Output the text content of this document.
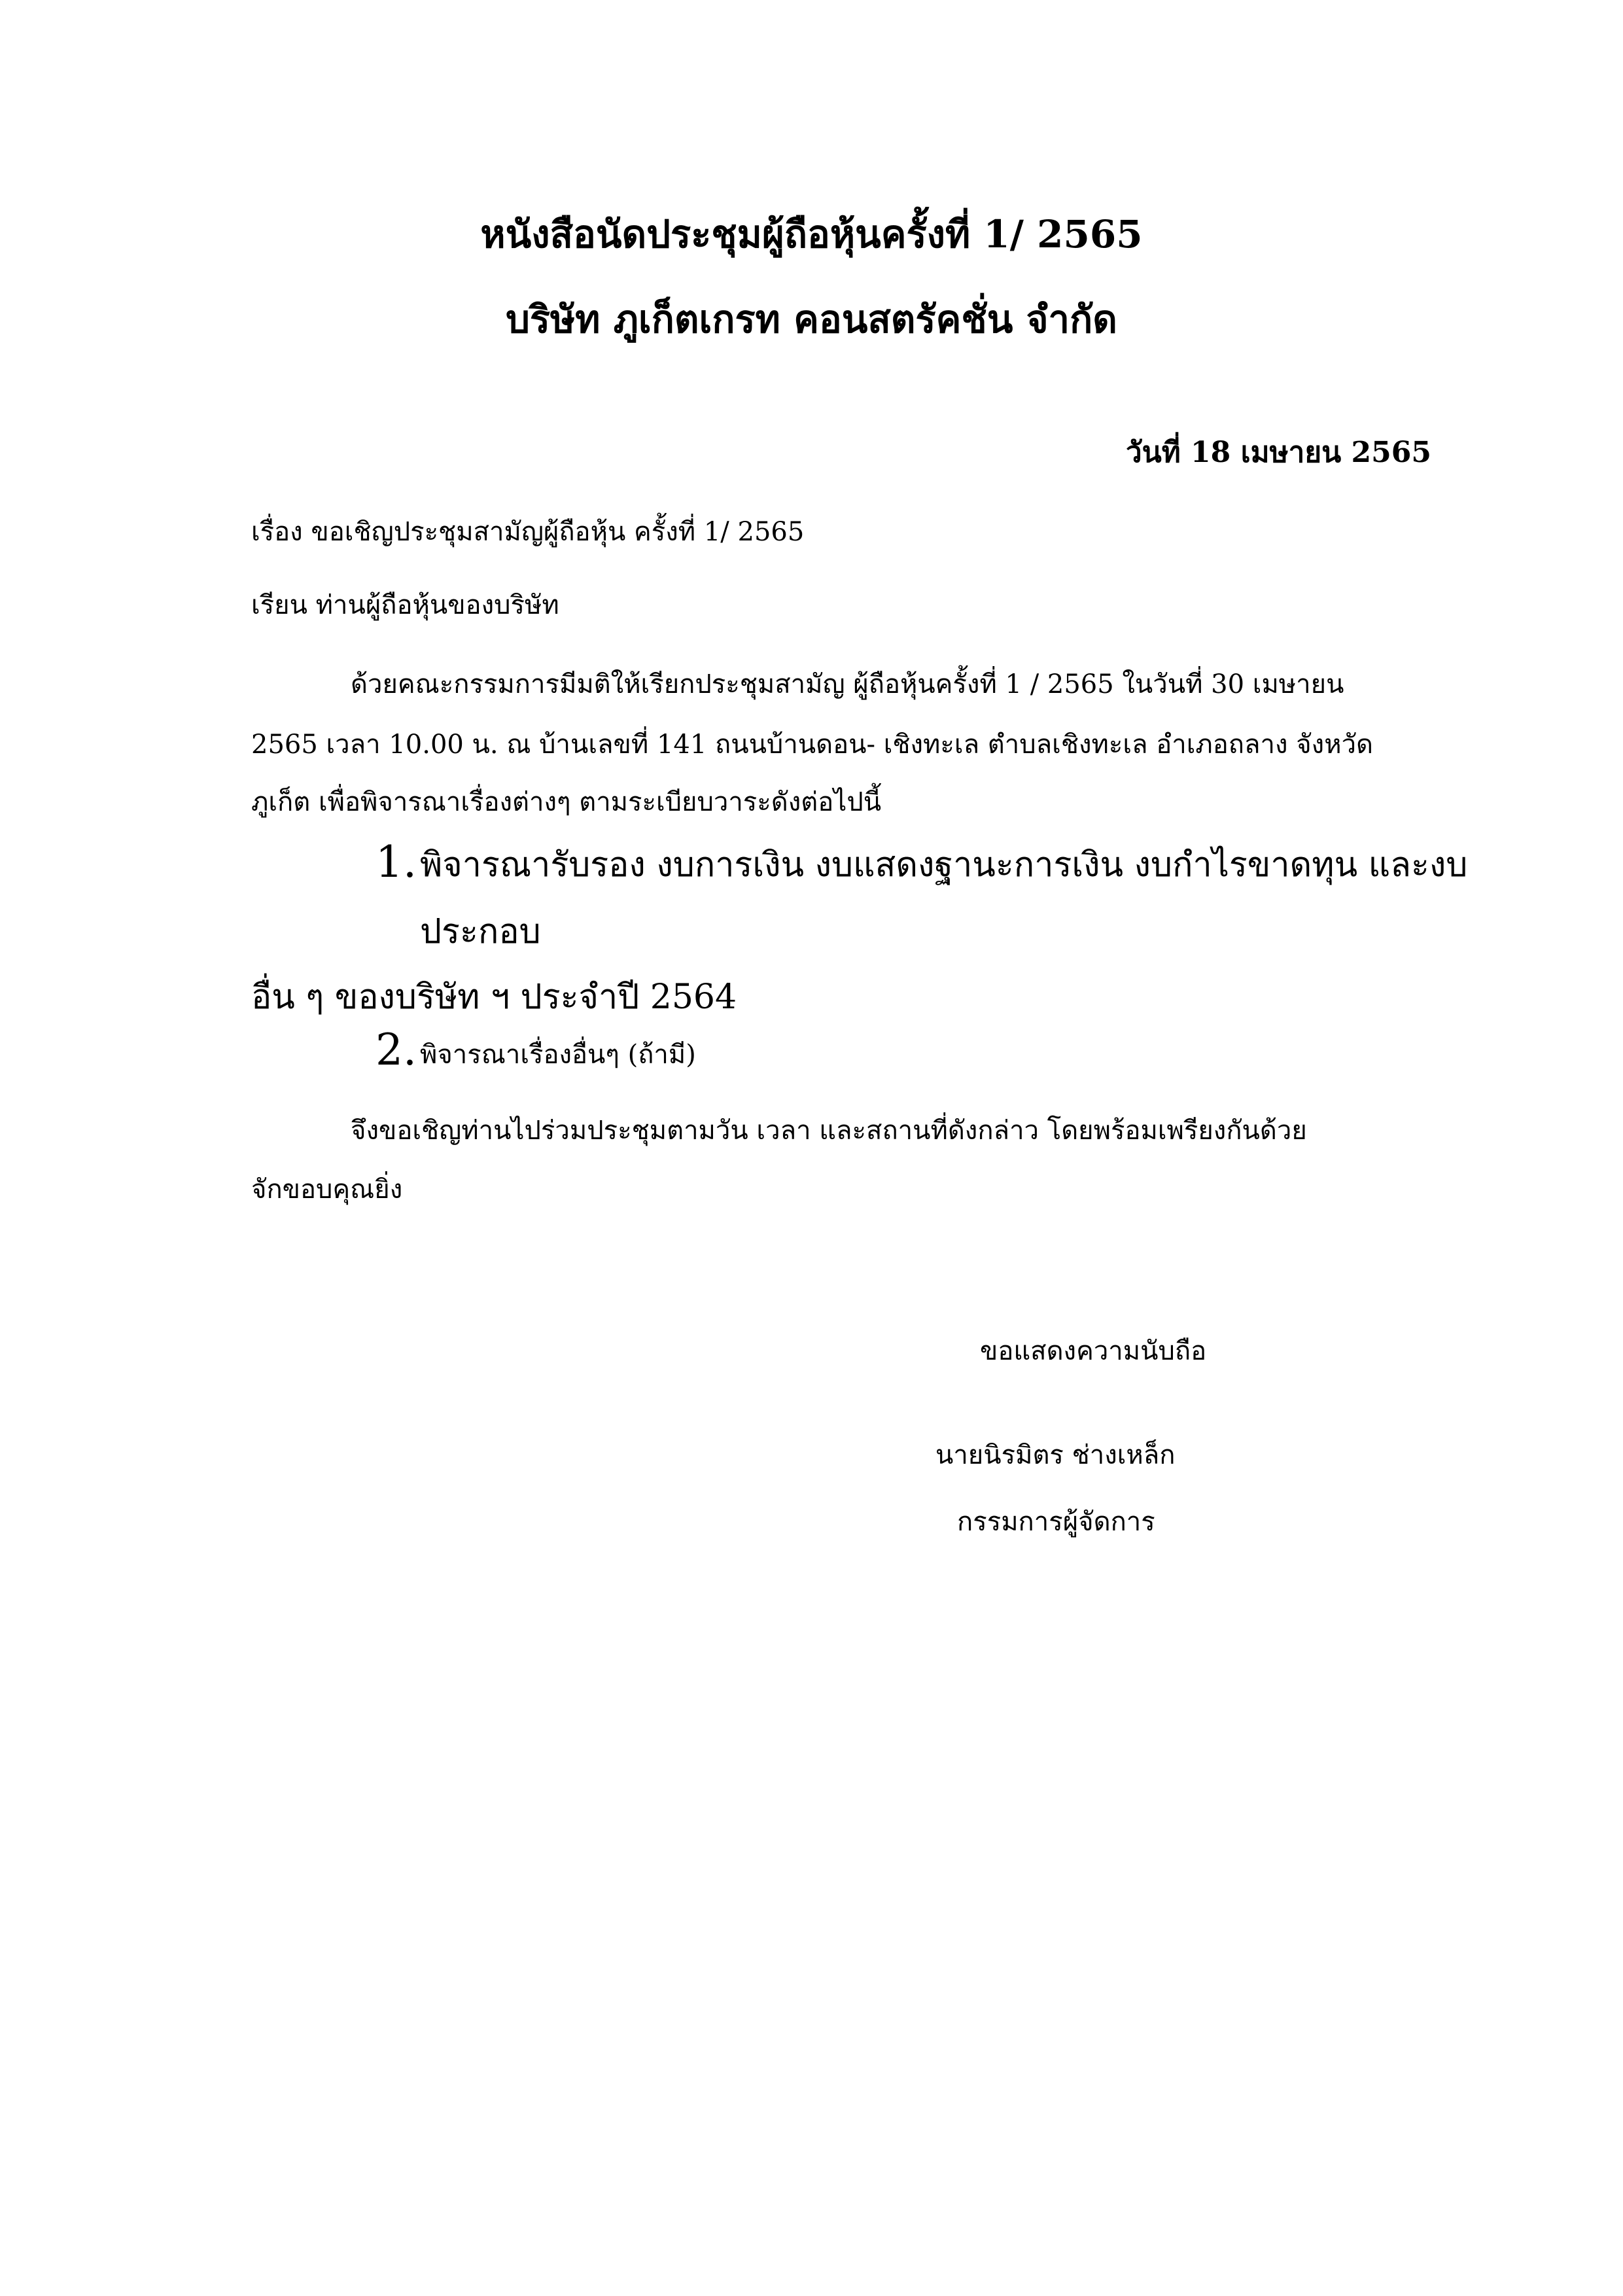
หนังสือนัดประชุมผู้ถือหุ้นครั้งที่ 1/ 2565
บริษัท ภูเก็ตเกรท คอนสตรัคชั่น จำกัด
วันที่ 18 เมษายน 2565
เรื่อง ขอเชิญประชุมสามัญผู้ถือหุ้น ครั้งที่ 1/ 2565
เรียน ท่านผู้ถือหุ้นของบริษัท
ด้วยคณะกรรมการมีมติให้เรียกประชุมสามัญ ผู้ถือหุ้นครั้งที่ 1 / 2565 ในวันที่ 30 เมษายน
2565 เวลา 10.00 น. ณ บ้านเลขที่ 141 ถนนบ้านดอน- เชิงทะเล ตำบลเชิงทะเล อำเภอถลาง จังหวัด
ภูเก็ต เพื่อพิจารณาเรื่องต่างๆ ตามระเบียบวาระดังต่อไปนี้
1. พิจารณารับรอง งบการเงิน งบแสดงฐานะการเงิน งบกำไรขาดทุน และงบ
ประกอบ
อื่น ๆ ของบริษัท ฯ ประจำปี 2564
2. พิจารณาเรื่องอื่นๆ (ถ้ามี)
จึงขอเชิญท่านไปร่วมประชุมตามวัน เวลา และสถานที่ดังกล่าว โดยพร้อมเพรียงกันด้วย
จักขอบคุณยิ่ง
ขอแสดงความนับถือ
นายนิรมิตร ช่างเหล็ก
กรรมการผู้จัดการ
